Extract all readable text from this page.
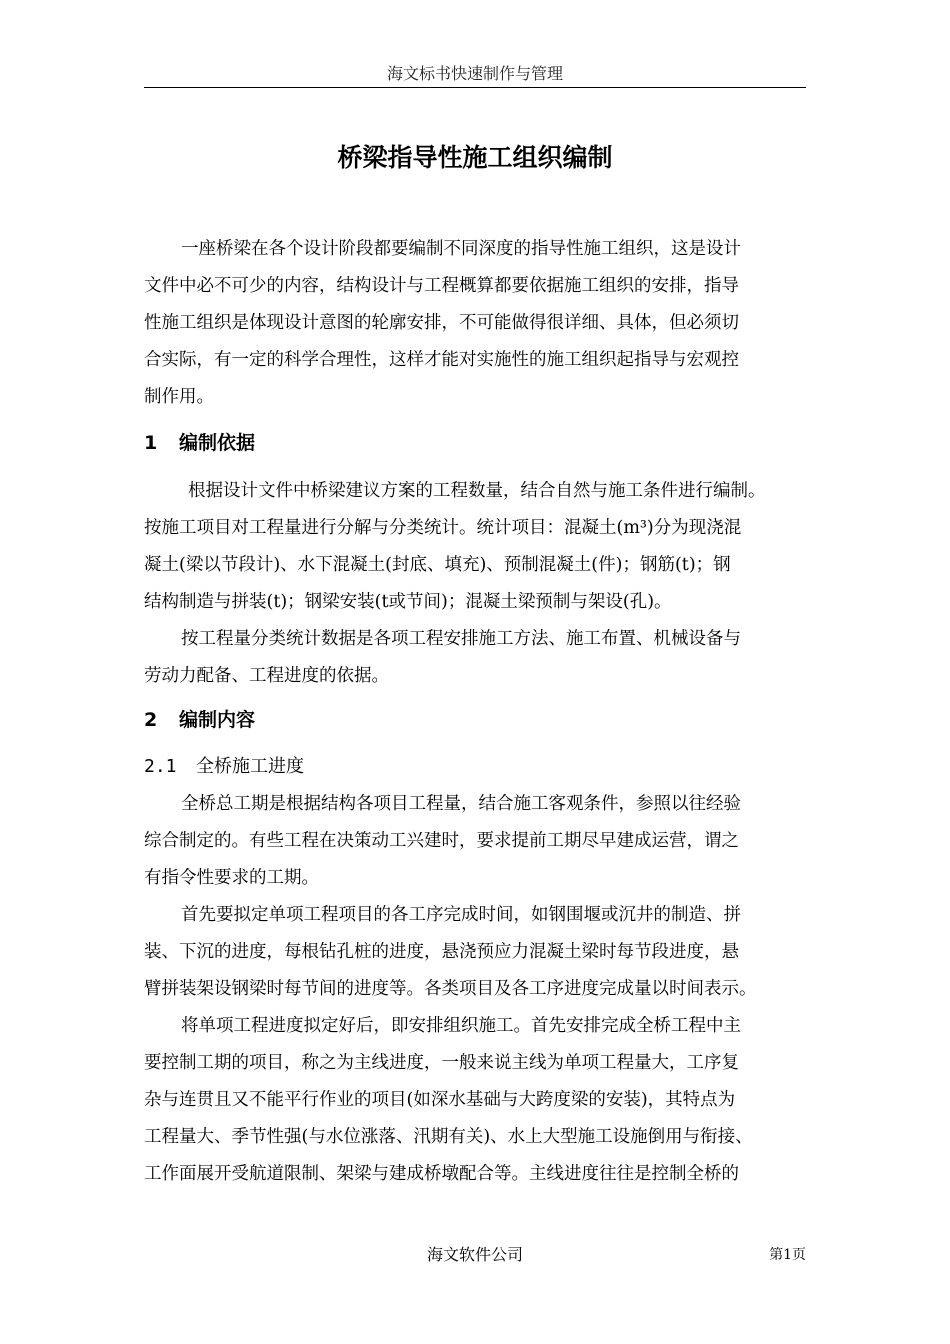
海文标书快速制作与管理
桥梁指导性施工组织编制
一座桥梁在各个设计阶段都要编制不同深度的指导性施工组织，这是设计
文件中必不可少的内容，结构设计与工程概算都要依据施工组织的安排，指导
性施工组织是体现设计意图的轮廓安排，不可能做得很详细、具体，但必须切
合实际，有一定的科学合理性，这样才能对实施性的施工组织起指导与宏观控
制作用。
1 编制依据
根据设计文件中桥梁建议方案的工程数量，结合自然与施工条件进行编制。
按施工项目对工程量进行分解与分类统计。统计项目：混凝土(m³)分为现浇混
凝土(梁以节段计)、水下混凝土(封底、填充)、预制混凝土(件)；钢筋(t)；钢
结构制造与拼装(t)；钢梁安装(t或节间)；混凝土梁预制与架设(孔)。
按工程量分类统计数据是各项工程安排施工方法、施工布置、机械设备与
劳动力配备、工程进度的依据。
2 编制内容
2.1 全桥施工进度
全桥总工期是根据结构各项目工程量，结合施工客观条件，参照以往经验
综合制定的。有些工程在决策动工兴建时，要求提前工期尽早建成运营，谓之
有指令性要求的工期。
首先要拟定单项工程项目的各工序完成时间，如钢围堰或沉井的制造、拼
装、下沉的进度，每根钻孔桩的进度，悬浇预应力混凝土梁时每节段进度，悬
臂拼装架设钢梁时每节间的进度等。各类项目及各工序进度完成量以时间表示。
将单项工程进度拟定好后，即安排组织施工。首先安排完成全桥工程中主
要控制工期的项目，称之为主线进度，一般来说主线为单项工程量大，工序复
杂与连贯且又不能平行作业的项目(如深水基础与大跨度梁的安装)，其特点为
工程量大、季节性强(与水位涨落、汛期有关)、水上大型施工设施倒用与衔接、
工作面展开受航道限制、架梁与建成桥墩配合等。主线进度往往是控制全桥的
海文软件公司	第1页
